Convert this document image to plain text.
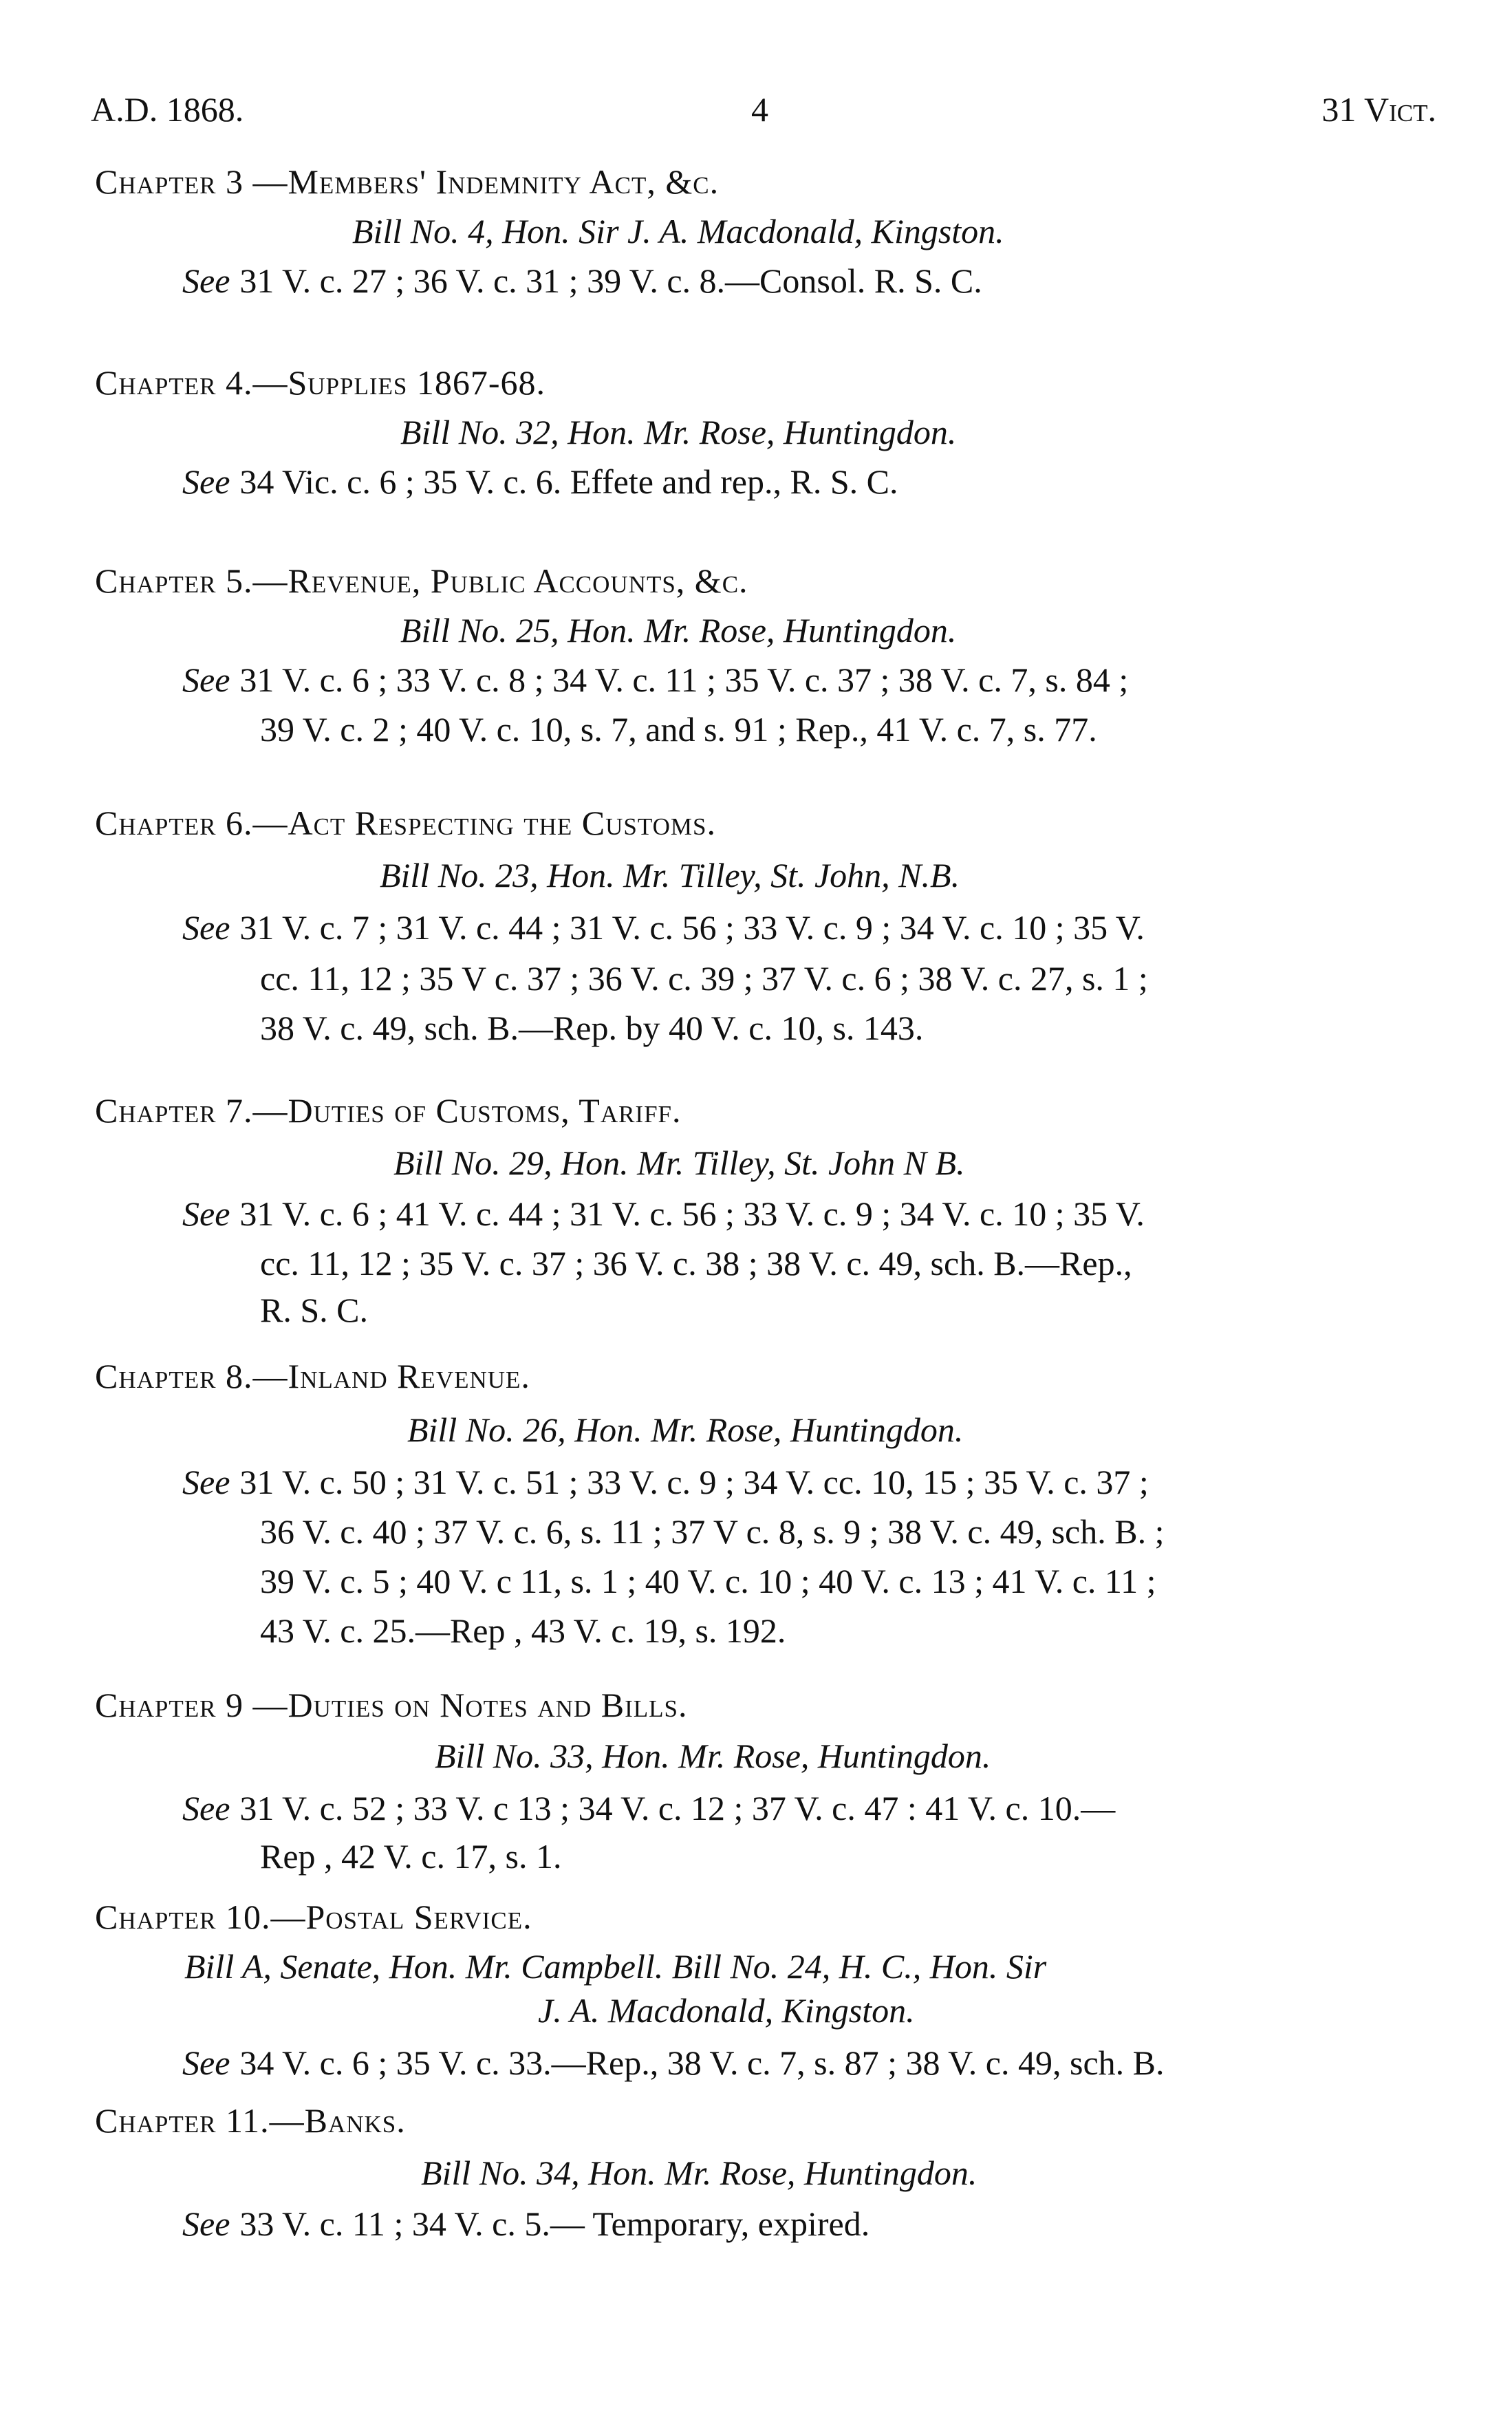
A.D. 1868.	4	31 Vict.
Chapter 3 —Members' Indemnity Act, &c.
Bill No. 4, Hon. Sir J. A. Macdonald, Kingston.
See 31 V. c. 27 ; 36 V. c. 31 ; 39 V. c. 8.—Consol. R. S. C.
Chapter 4.—Supplies 1867-68.
Bill No. 32, Hon. Mr. Rose, Huntingdon.
See 34 Vic. c. 6 ; 35 V. c. 6. Effete and rep., R. S. C.
Chapter 5.—Revenue, Public Accounts, &c.
Bill No. 25, Hon. Mr. Rose, Huntingdon.
See 31 V. c. 6 ; 33 V. c. 8 ; 34 V. c. 11 ; 35 V. c. 37 ; 38 V. c. 7, s. 84 ;
39 V. c. 2 ; 40 V. c. 10, s. 7, and s. 91 ; Rep., 41 V. c. 7, s. 77.
Chapter 6.—Act Respecting the Customs.
Bill No. 23, Hon. Mr. Tilley, St. John, N.B.
See 31 V. c. 7 ; 31 V. c. 44 ; 31 V. c. 56 ; 33 V. c. 9 ; 34 V. c. 10 ; 35 V.
cc. 11, 12 ; 35 V c. 37 ; 36 V. c. 39 ; 37 V. c. 6 ; 38 V. c. 27, s. 1 ;
38 V. c. 49, sch. B.—Rep. by 40 V. c. 10, s. 143.
Chapter 7.—Duties of Customs, Tariff.
Bill No. 29, Hon. Mr. Tilley, St. John N B.
See 31 V. c. 6 ; 41 V. c. 44 ; 31 V. c. 56 ; 33 V. c. 9 ; 34 V. c. 10 ; 35 V.
cc. 11, 12 ; 35 V. c. 37 ; 36 V. c. 38 ; 38 V. c. 49, sch. B.—Rep.,
R. S. C.
Chapter 8.—Inland Revenue.
Bill No. 26, Hon. Mr. Rose, Huntingdon.
See 31 V. c. 50 ; 31 V. c. 51 ; 33 V. c. 9 ; 34 V. cc. 10, 15 ; 35 V. c. 37 ;
36 V. c. 40 ; 37 V. c. 6, s. 11 ; 37 V c. 8, s. 9 ; 38 V. c. 49, sch. B. ;
39 V. c. 5 ; 40 V. c 11, s. 1 ; 40 V. c. 10 ; 40 V. c. 13 ; 41 V. c. 11 ;
43 V. c. 25.—Rep , 43 V. c. 19, s. 192.
Chapter 9 —Duties on Notes and Bills.
Bill No. 33, Hon. Mr. Rose, Huntingdon.
See 31 V. c. 52 ; 33 V. c 13 ; 34 V. c. 12 ; 37 V. c. 47 : 41 V. c. 10.—
Rep , 42 V. c. 17, s. 1.
Chapter 10.—Postal Service.
Bill A, Senate, Hon. Mr. Campbell. Bill No. 24, H. C., Hon. Sir
J. A. Macdonald, Kingston.
See 34 V. c. 6 ; 35 V. c. 33.—Rep., 38 V. c. 7, s. 87 ; 38 V. c. 49, sch. B.
Chapter 11.—Banks.
Bill No. 34, Hon. Mr. Rose, Huntingdon.
See 33 V. c. 11 ; 34 V. c. 5.— Temporary, expired.
